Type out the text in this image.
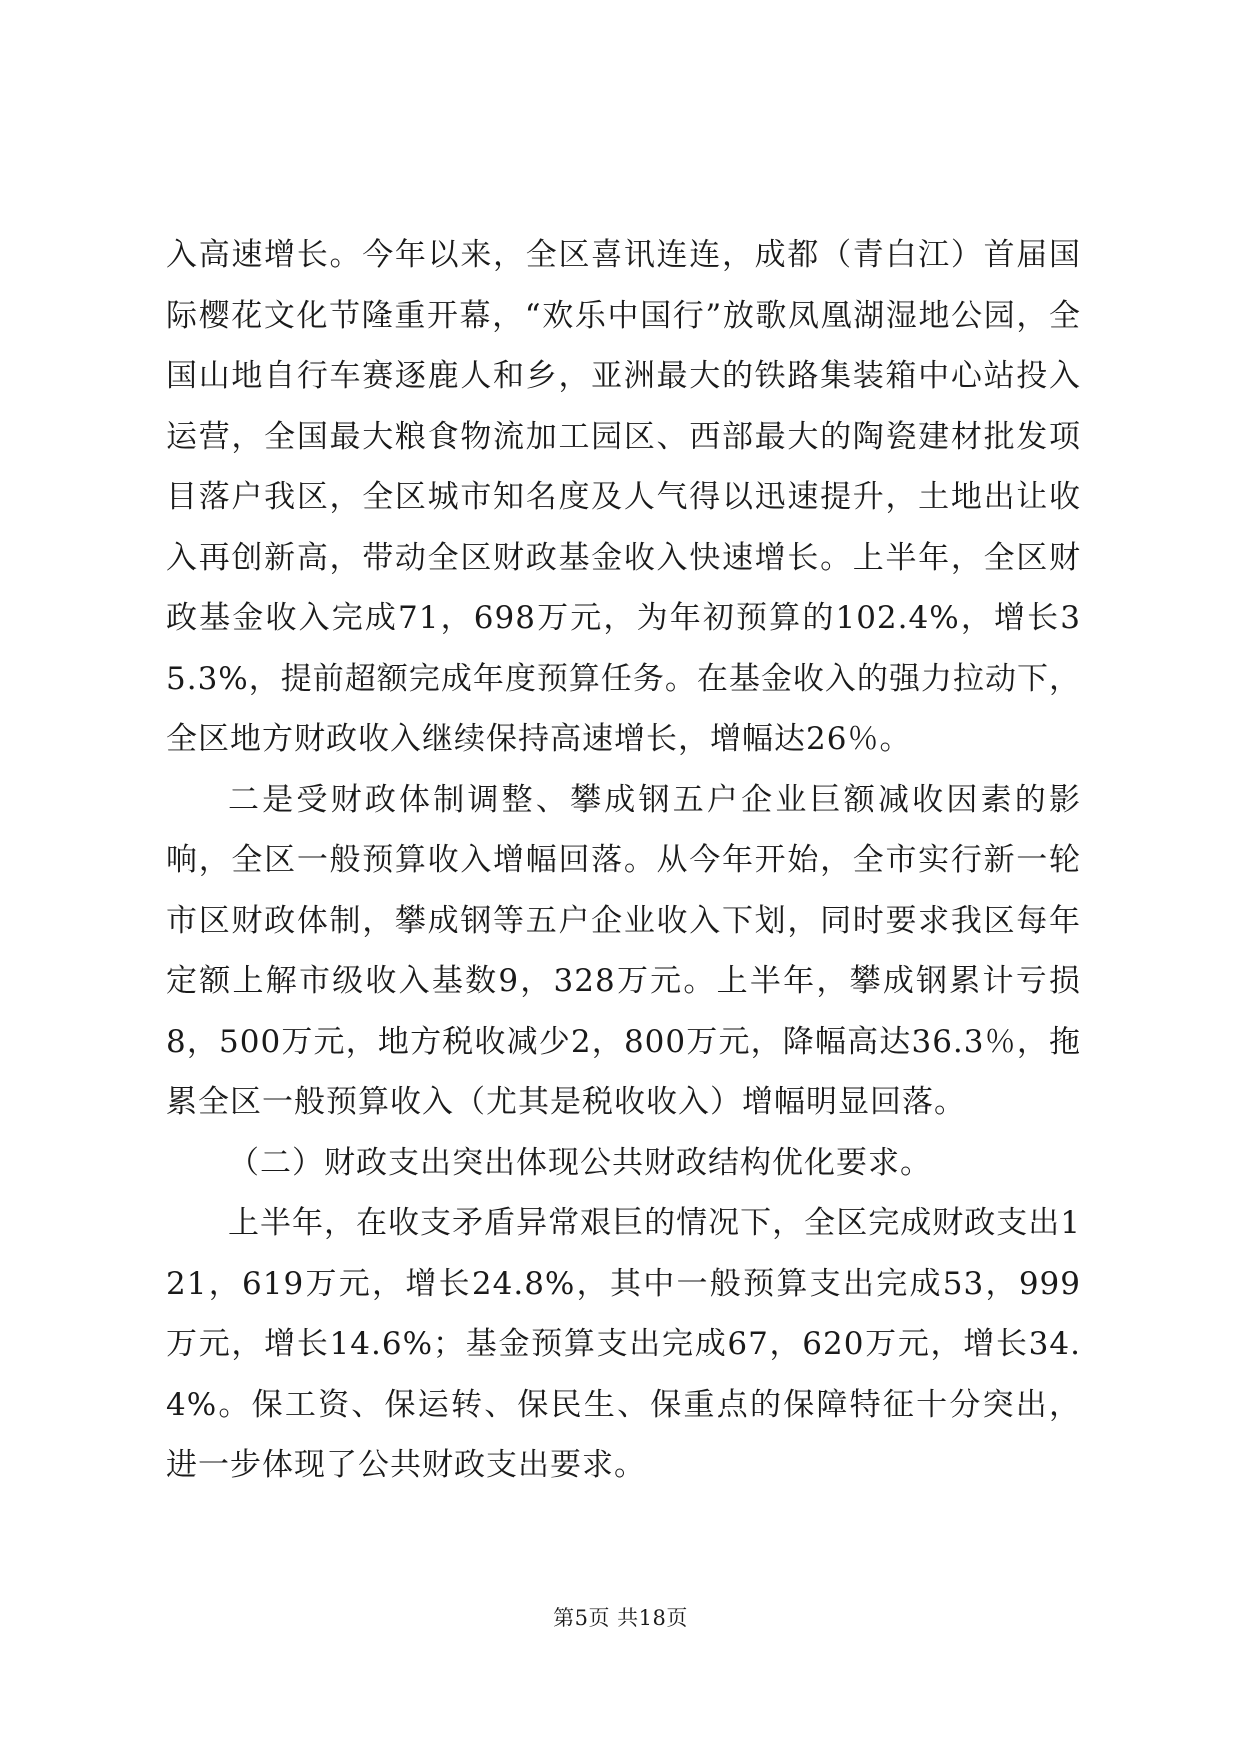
入高速增长。今年以来，全区喜讯连连，成都（青白江）首届国际樱花文化节隆重开幕，“欢乐中国行”放歌凤凰湖湿地公园，全国山地自行车赛逐鹿人和乡，亚洲最大的铁路集装箱中心站投入运营，全国最大粮食物流加工园区、西部最大的陶瓷建材批发项目落户我区，全区城市知名度及人气得以迅速提升，土地出让收入再创新高，带动全区财政基金收入快速增长。上半年，全区财政基金收入完成71，698万元，为年初预算的102.4%，增长35.3%，提前超额完成年度预算任务。在基金收入的强力拉动下，全区地方财政收入继续保持高速增长，增幅达26％。

二是受财政体制调整、攀成钢五户企业巨额减收因素的影响，全区一般预算收入增幅回落。从今年开始，全市实行新一轮市区财政体制，攀成钢等五户企业收入下划，同时要求我区每年定额上解市级收入基数9，328万元。上半年，攀成钢累计亏损8，500万元，地方税收减少2，800万元，降幅高达36.3％，拖累全区一般预算收入（尤其是税收收入）增幅明显回落。

（二）财政支出突出体现公共财政结构优化要求。

上半年，在收支矛盾异常艰巨的情况下，全区完成财政支出121，619万元，增长24.8%，其中一般预算支出完成53，999万元，增长14.6%；基金预算支出完成67，620万元，增长34.4%。保工资、保运转、保民生、保重点的保障特征十分突出，进一步体现了公共财政支出要求。

第5页 共18页
